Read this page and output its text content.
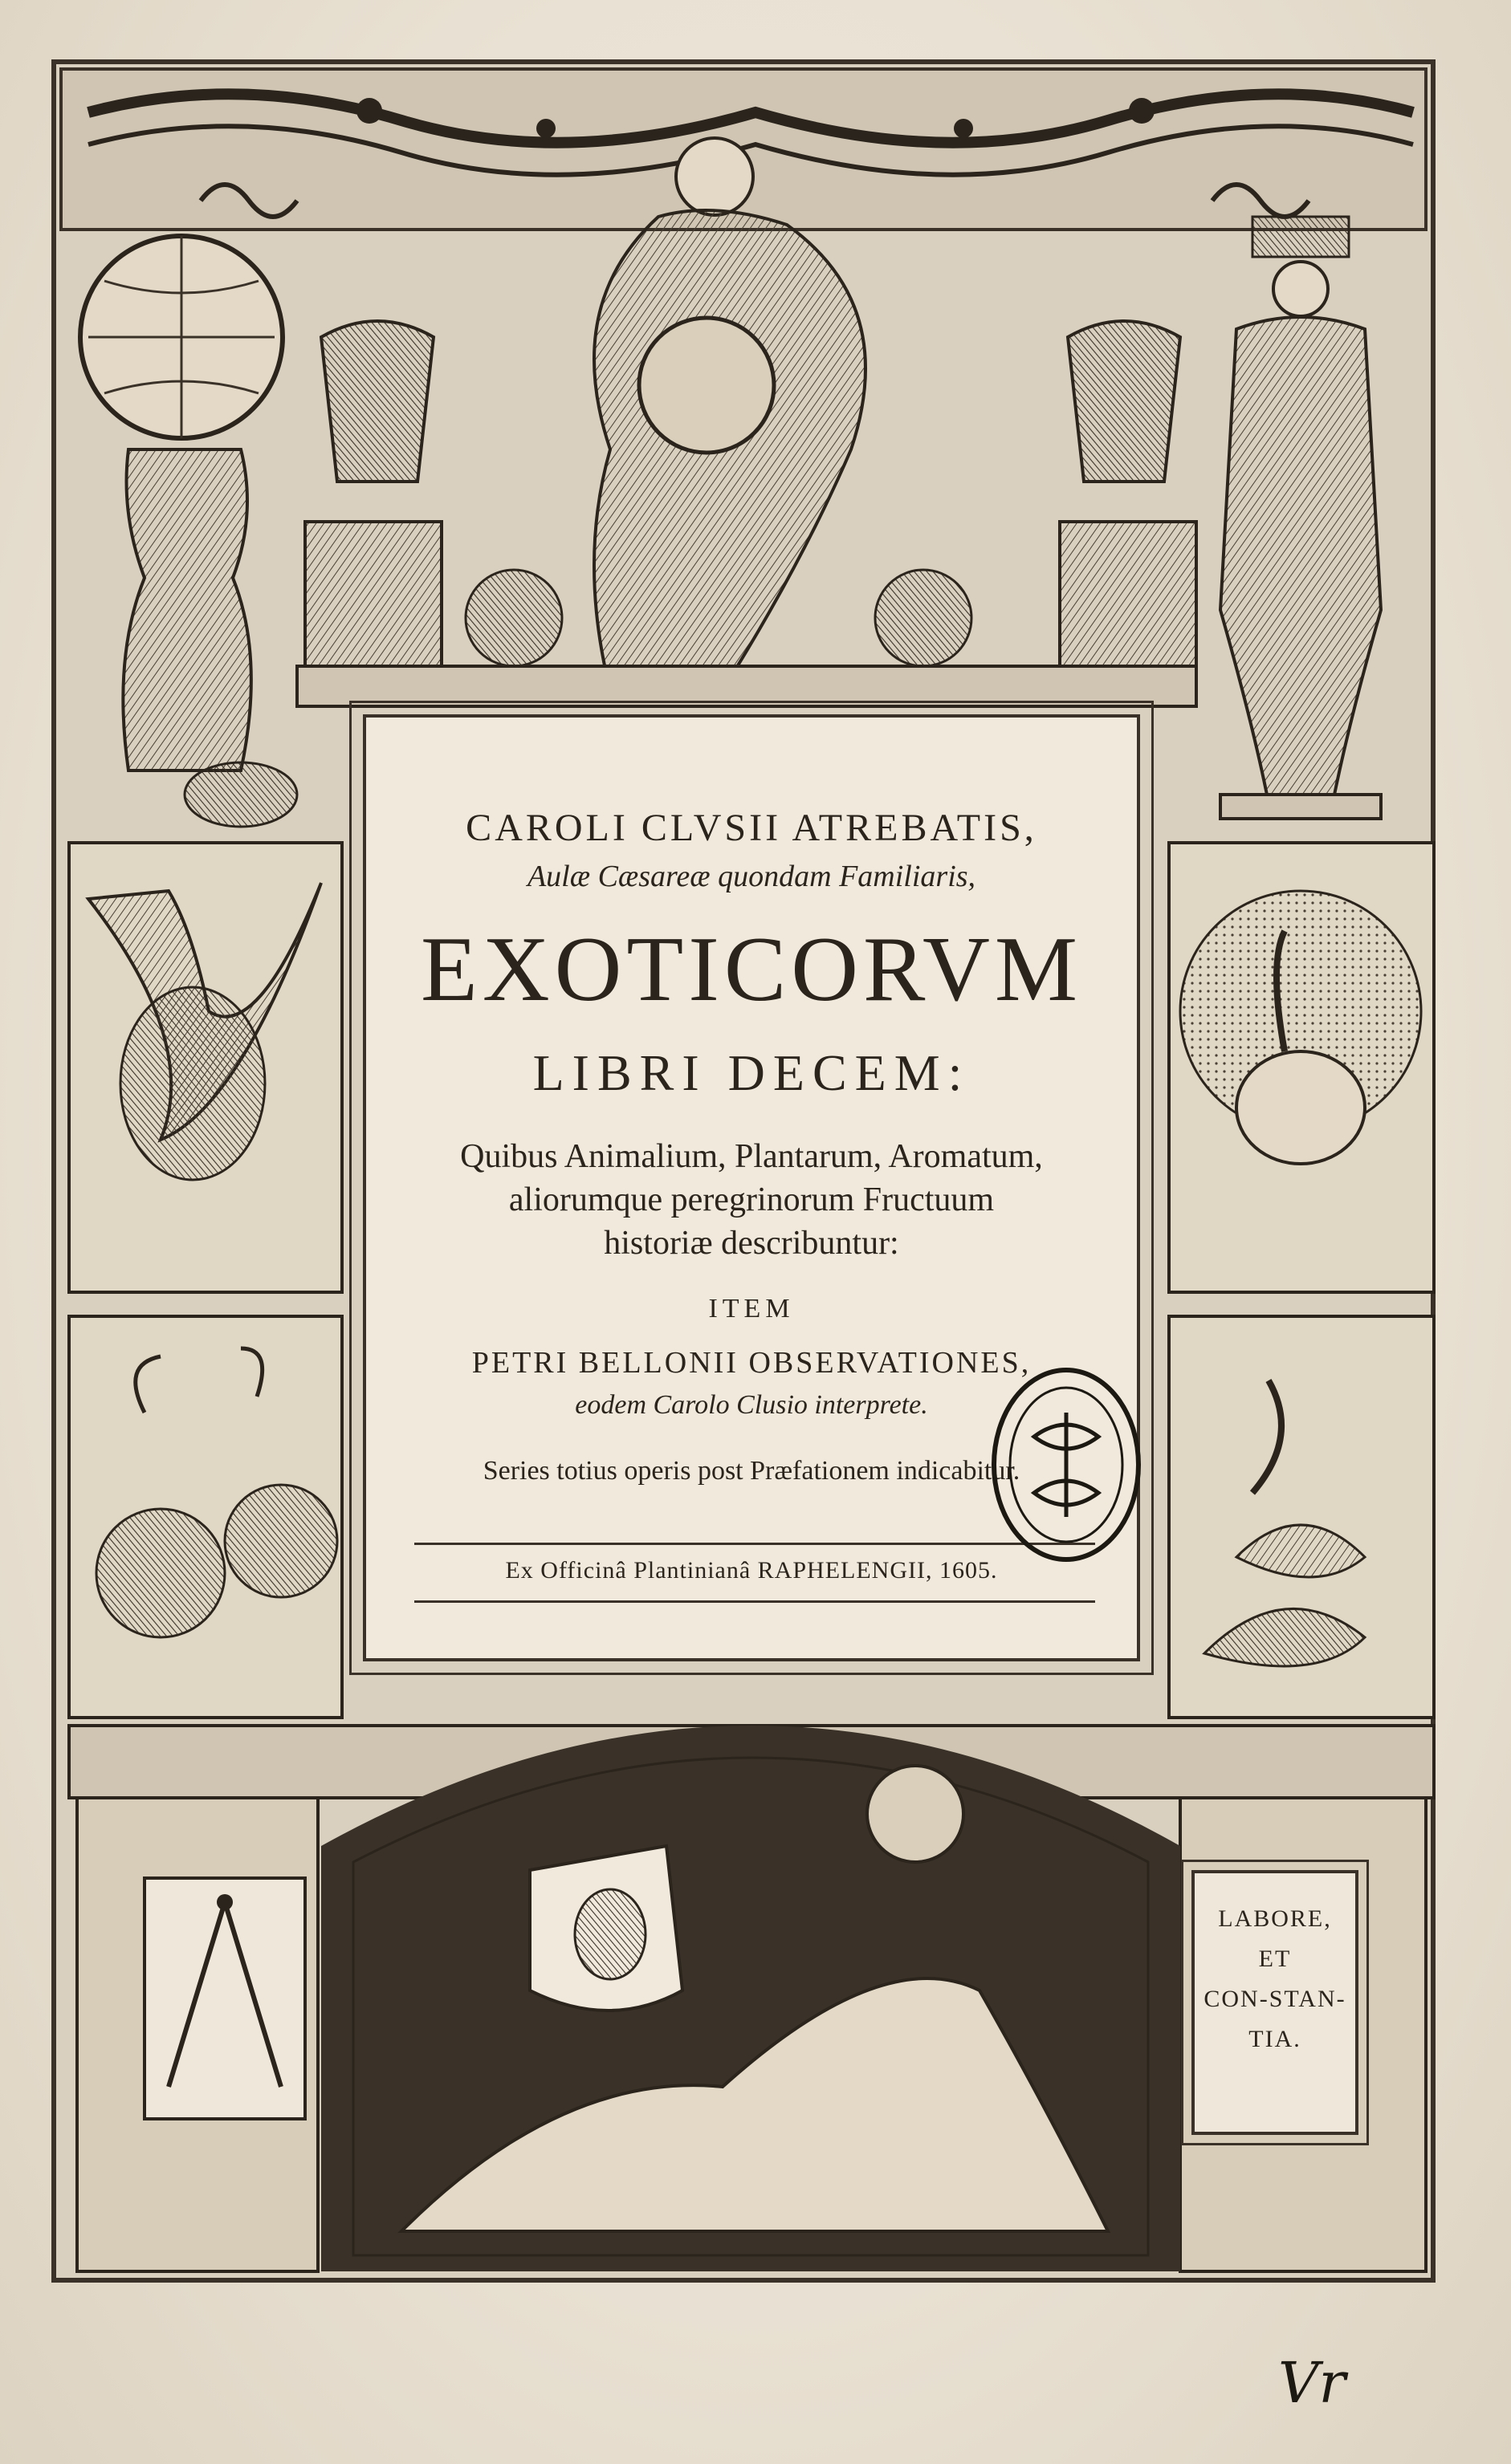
CAROLI CLVSII ATREBATIS,
Aulæ Cæsareæ quondam Familiaris,
EXOTICORVM
LIBRI DECEM:
Quibus Animalium, Plantarum, Aromatum,
aliorumque peregrinorum Fructuum
historiæ describuntur:
ITEM
PETRI BELLONII OBSERVATIONES,
eodem Carolo Clusio interprete.
Series totius operis post Præfationem indicabitur.
Ex Officinâ Plantinianâ RAPHELENGII, 1605.
LABORE,
ET
CON-STAN-
TIA.
Vr
